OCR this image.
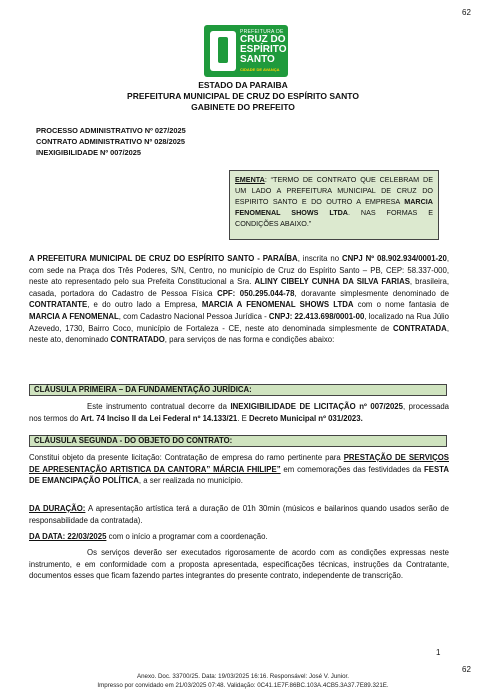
62
PREFEITURA DE
CRUZ DO ESPÍRITO SANTO
CIDADE DE AVANÇA
ESTADO DA PARAIBA
PREFEITURA MUNICIPAL DE CRUZ DO ESPÍRITO SANTO
GABINETE DO PREFEITO
PROCESSO ADMINISTRATIVO Nº 027/2025
CONTRATO ADMINISTRATIVO Nº 028/2025
INEXIGIBILIDADE Nº 007/2025
EMENTA: “TERMO DE CONTRATO QUE CELEBRAM DE UM LADO A PREFEITURA MUNICIPAL DE CRUZ DO ESPIRITO SANTO E DO OUTRO A EMPRESA MARCIA FENOMENAL SHOWS LTDA. NAS FORMAS E CONDIÇÕES ABAIXO.”
A PREFEITURA MUNICIPAL DE CRUZ DO ESPÍRITO SANTO - PARAÍBA, inscrita no CNPJ Nº 08.902.934/0001-20, com sede na Praça dos Três Poderes, S/N, Centro, no município de Cruz do Espírito Santo – PB, CEP: 58.337-000, neste ato representado pelo sua Prefeita Constitucional a Sra. ALINY CIBELY CUNHA DA SILVA FARIAS, brasileira, casada, portadora do Cadastro de Pessoa Física CPF: 050.295.044-78, doravante simplesmente denominado de CONTRATANTE, e do outro lado a Empresa, MARCIA A FENOMENAL SHOWS LTDA com o nome fantasia de MARCIA A FENOMENAL, com Cadastro Nacional Pessoa Jurídica - CNPJ: 22.413.698/0001-00, localizado na Rua Júlio Azevedo, 1730, Bairro Coco, município de Fortaleza - CE, neste ato denominada simplesmente de CONTRATADA, neste ato, denominado CONTRATADO, para serviços de nas forma e condições abaixo:
CLÁUSULA PRIMEIRA – DA FUNDAMENTAÇÃO JURÍDICA:
Este instrumento contratual decorre da INEXIGIBILIDADE DE LICITAÇÃO nº 007/2025, processada nos termos do Art. 74 Inciso II da Lei Federal nº 14.133/21. E Decreto Municipal nº 031/2023.
CLÁUSULA SEGUNDA - DO OBJETO DO CONTRATO:
Constitui objeto da presente licitação: Contratação de empresa do ramo pertinente para PRESTAÇÃO DE SERVIÇOS DE APRESENTAÇÃO ARTISTICA DA CANTORA” MÁRCIA FHILIPE” em comemorações das festividades da FESTA DE EMANCIPAÇÃO POLÍTICA, a ser realizada no município.
DA DURAÇÃO: A apresentação artística terá a duração de 01h 30min (músicos e bailarinos quando usados serão de responsabilidade da contratada).
DA DATA: 22/03/2025 com o início a programar com a coordenação.
Os serviços deverão ser executados rigorosamente de acordo com as condições expressas neste instrumento, e em conformidade com a proposta apresentada, especificações técnicas, instruções da Contratante, documentos esses que ficam fazendo partes integrantes do presente contrato, independente de transcrição.
1
62
Anexo. Doc. 33700/25. Data: 19/03/2025 16:16. Responsável: José V. Junior.
Impresso por convidado em 21/03/2025 07:48. Validação: 0C41.1E7F.86BC.103A.4CB5.3A37.7E89.321E.
